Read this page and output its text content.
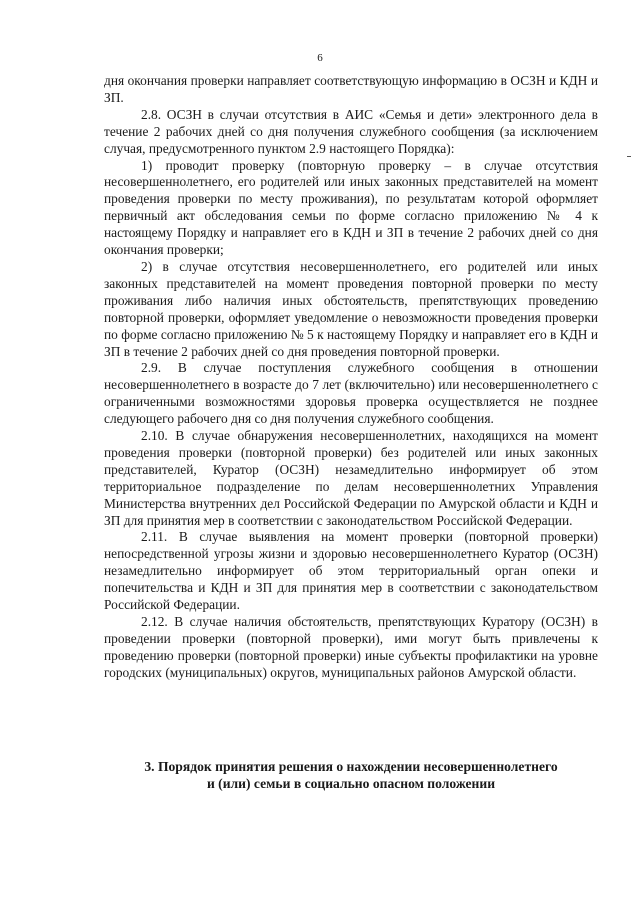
6

дня окончания проверки направляет соответствующую информацию в ОСЗН и КДН и ЗП.

2.8. ОСЗН в случаи отсутствия в АИС «Семья и дети» электронного дела в течение 2 рабочих дней со дня получения служебного сообщения (за исключением случая, предусмотренного пунктом 2.9 настоящего Порядка):

1) проводит проверку (повторную проверку – в случае отсутствия несовершеннолетнего, его родителей или иных законных представителей на момент проведения проверки по месту проживания), по результатам которой оформляет первичный акт обследования семьи по форме согласно приложению № 4 к настоящему Порядку и направляет его в КДН и ЗП в течение 2 рабочих дней со дня окончания проверки;

2) в случае отсутствия несовершеннолетнего, его родителей или иных законных представителей на момент проведения повторной проверки по месту проживания либо наличия иных обстоятельств, препятствующих проведению повторной проверки, оформляет уведомление о невозможности проведения проверки по форме согласно приложению № 5 к настоящему Порядку и направляет его в КДН и ЗП в течение 2 рабочих дней со дня проведения повторной проверки.

2.9. В случае поступления служебного сообщения в отношении несовершеннолетнего в возрасте до 7 лет (включительно) или несовершеннолетнего с ограниченными возможностями здоровья проверка осуществляется не позднее следующего рабочего дня со дня получения служебного сообщения.

2.10. В случае обнаружения несовершеннолетних, находящихся на момент проведения проверки (повторной проверки) без родителей или иных законных представителей, Куратор (ОСЗН) незамедлительно информирует об этом территориальное подразделение по делам несовершеннолетних Управления Министерства внутренних дел Российской Федерации по Амурской области и КДН и ЗП для принятия мер в соответствии с законодательством Российской Федерации.

2.11. В случае выявления на момент проверки (повторной проверки) непосредственной угрозы жизни и здоровью несовершеннолетнего Куратор (ОСЗН) незамедлительно информирует об этом территориальный орган опеки и попечительства и КДН и ЗП для принятия мер в соответствии с законодательством Российской Федерации.

2.12. В случае наличия обстоятельств, препятствующих Куратору (ОСЗН) в проведении проверки (повторной проверки), ими могут быть привлечены к проведению проверки (повторной проверки) иные субъекты профилактики на уровне городских (муниципальных) округов, муниципальных районов Амурской области.

3. Порядок принятия решения о нахождении несовершеннолетнего
и (или) семьи в социально опасном положении
